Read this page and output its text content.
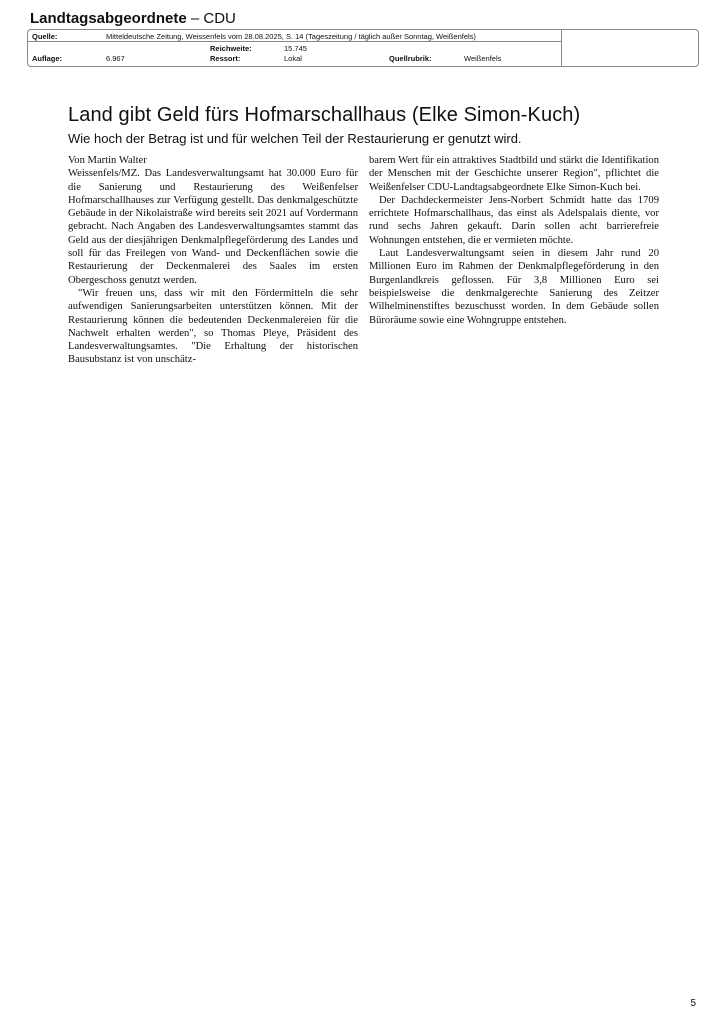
Landtagsabgeordnete – CDU
Quelle:	Mitteldeutsche Zeitung, Weissenfels vom 28.08.2025, S. 14 (Tageszeitung / täglich außer Sonntag, Weißenfels)
Reichweite:	15.745
Auflage:	6.967	Ressort:	Lokal	Quellrubrik:	Weißenfels
Land gibt Geld fürs Hofmarschallhaus (Elke Simon-Kuch)
Wie hoch der Betrag ist und für welchen Teil der Restaurierung er genutzt wird.

Von Martin Walter

Weissenfels/MZ. Das Landesverwaltungsamt hat 30.000 Euro für die Sanierung und Restaurierung des Weißenfelser Hofmarschallhauses zur Verfügung gestellt. Das denkmalgeschützte Gebäude in der Nikolaistraße wird bereits seit 2021 auf Vordermann gebracht. Nach Angaben des Landesverwaltungsamtes stammt das Geld aus der diesjährigen Denkmalpflegeförderung des Landes und soll für das Freilegen von Wand- und Deckenflächen sowie die Restaurierung der Deckenmalerei des Saales im ersten Obergeschoss genutzt werden.

"Wir freuen uns, dass wir mit den Fördermitteln die sehr aufwendigen Sanierungsarbeiten unterstützen können. Mit der Restaurierung können die bedeutenden Deckenmalereien für die Nachwelt erhalten werden", so Thomas Pleye, Präsident des Landesverwaltungsamtes. "Die Erhaltung der historischen Bausubstanz ist von unschätz-

barem Wert für ein attraktives Stadtbild und stärkt die Identifikation der Menschen mit der Geschichte unserer Region", pflichtet die Weißenfelser CDU-Landtagsabgeordnete Elke Simon-Kuch bei.

Der Dachdeckermeister Jens-Norbert Schmidt hatte das 1709 errichtete Hofmarschallhaus, das einst als Adelspalais diente, vor rund sechs Jahren gekauft. Darin sollen acht barrierefreie Wohnungen entstehen, die er vermieten möchte.

Laut Landesverwaltungsamt seien in diesem Jahr rund 20 Millionen Euro im Rahmen der Denkmalpflegeförderung in den Burgenlandkreis geflossen. Für 3,8 Millionen Euro sei beispielsweise die denkmalgerechte Sanierung des Zeitzer Wilhelminenstiftes bezuschusst worden. In dem Gebäude sollen Büroräume sowie eine Wohngruppe entstehen.

5
